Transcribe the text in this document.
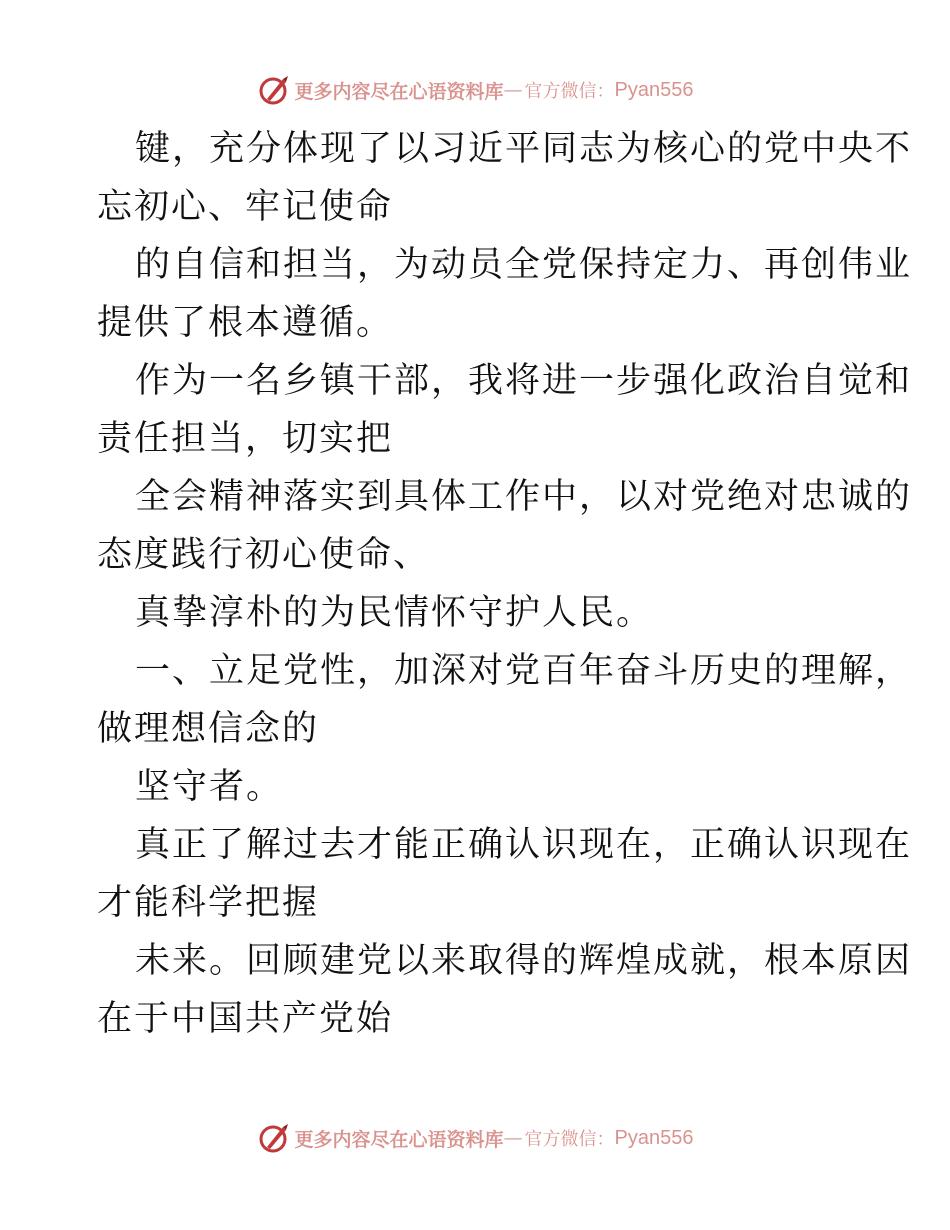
更多内容尽在心语资料库 — 官方微信： Pyan556
键，充分体现了以习近平同志为核心的党中央不
忘初心、牢记使命
的自信和担当，为动员全党保持定力、再创伟业
提供了根本遵循。
作为一名乡镇干部，我将进一步强化政治自觉和
责任担当，切实把
全会精神落实到具体工作中，以对党绝对忠诚的
态度践行初心使命、
真挚淳朴的为民情怀守护人民。
一、立足党性，加深对党百年奋斗历史的理解，
做理想信念的
坚守者。
真正了解过去才能正确认识现在，正确认识现在
才能科学把握
未来。回顾建党以来取得的辉煌成就，根本原因
在于中国共产党始
更多内容尽在心语资料库 — 官方微信： Pyan556
